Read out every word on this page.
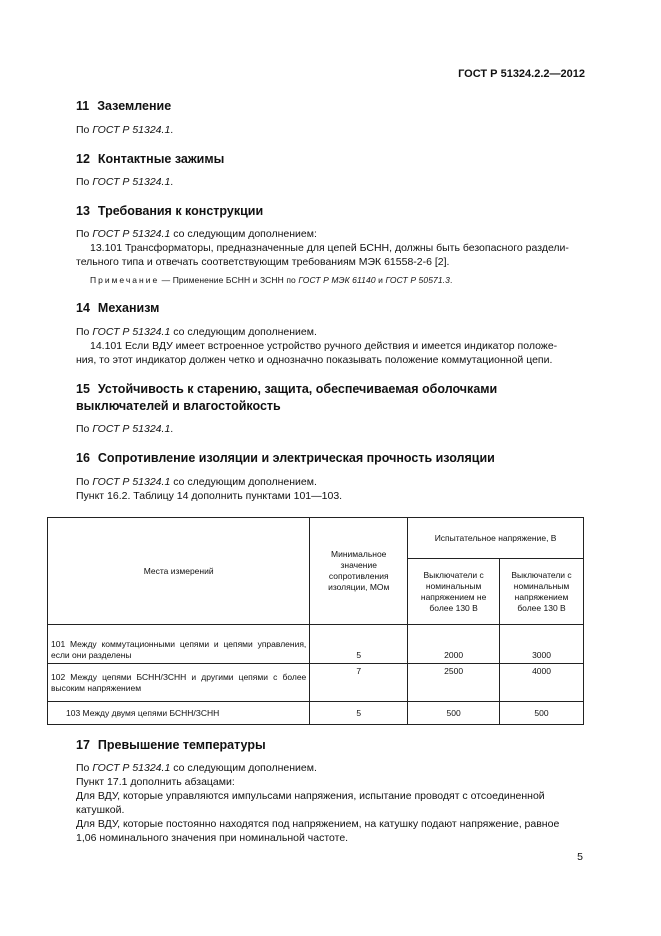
ГОСТ Р 51324.2.2—2012
11 Заземление
По ГОСТ Р 51324.1.
12 Контактные зажимы
По ГОСТ Р 51324.1.
13 Требования к конструкции
По ГОСТ Р 51324.1 со следующим дополнением:
13.101 Трансформаторы, предназначенные для цепей БСНН, должны быть безопасного раздели-
тельного типа и отвечать соответствующим требованиям МЭК 61558-2-6 [2].
Примечание — Применение БСНН и ЗСНН по ГОСТ Р МЭК 61140 и ГОСТ Р 50571.3.
14 Механизм
По ГОСТ Р 51324.1 со следующим дополнением.
14.101 Если ВДУ имеет встроенное устройство ручного действия и имеется индикатор положе-
ния, то этот индикатор должен четко и однозначно показывать положение коммутационной цепи.
15 Устойчивость к старению, защита, обеспечиваемая оболочками
выключателей и влагостойкость
По ГОСТ Р 51324.1.
16 Сопротивление изоляции и электрическая прочность изоляции
По ГОСТ Р 51324.1 со следующим дополнением.
Пункт 16.2. Таблицу 14 дополнить пунктами 101—103.
Места измерений	Минимальное значение сопротивления изоляции, МОм	Испытательное напряжение, В	
		Выключатели с номинальным напряжением не более 130 В	Выключатели с номинальным напряжением более 130 В
101 Между коммутационными цепями и цепями управления, если они разделены	5	2000	3000
102 Между цепями БСНН/ЗСНН и другими цепями с более высоким напряжением	7	2500	4000
103 Между двумя цепями БСНН/ЗСНН	5	500	500
17 Превышение температуры
По ГОСТ Р 51324.1 со следующим дополнением.
Пункт 17.1 дополнить абзацами:
Для ВДУ, которые управляются импульсами напряжения, испытание проводят с отсоединенной
катушкой.
Для ВДУ, которые постоянно находятся под напряжением, на катушку подают напряжение, равное
1,06 номинального значения при номинальной частоте.
5
